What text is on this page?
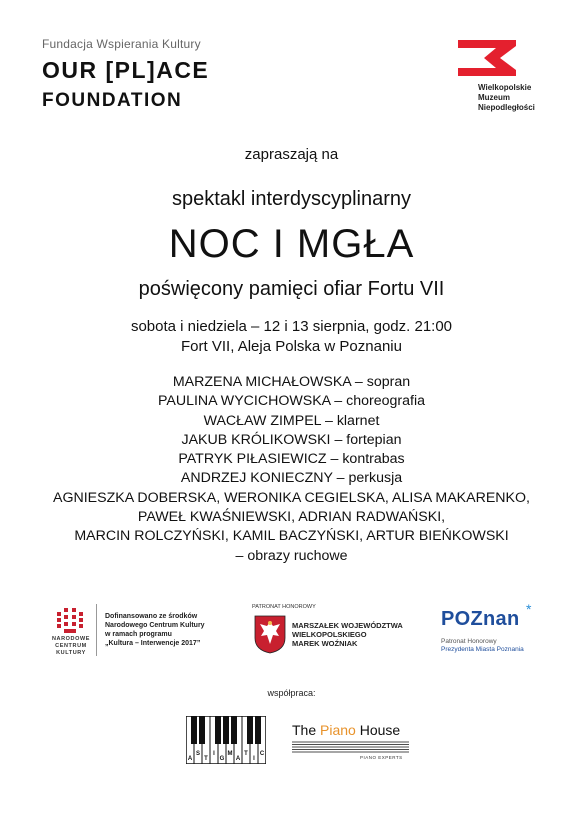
Fundacja Wspierania Kultury
OUR [PL]ACE
FOUNDATION
Wielkopolskie
Muzeum
Niepodległości
zapraszają na
spektakl interdyscyplinarny
NOC I MGŁA
poświęcony pamięci ofiar Fortu VII
sobota i niedziela – 12 i 13 sierpnia, godz. 21:00
Fort VII, Aleja Polska w Poznaniu
MARZENA MICHAŁOWSKA – sopran
PAULINA WYCICHOWSKA – choreografia
WACŁAW ZIMPEL – klarnet
JAKUB KRÓLIKOWSKI – fortepian
PATRYK PIŁASIEWICZ – kontrabas
ANDRZEJ KONIECZNY – perkusja
AGNIESZKA DOBERSKA, WERONIKA CEGIELSKA, ALISA MAKARENKO,
PAWEŁ KWAŚNIEWSKI, ADRIAN RADWAŃSKI,
MARCIN ROLCZYŃSKI, KAMIL BACZYŃSKI, ARTUR BIEŃKOWSKI
– obrazy ruchowe
NARODOWE
CENTRUM
KULTURY
Dofinansowano ze środków
Narodowego Centrum Kultury
w ramach programu
„Kultura – Interwencje 2017”
PATRONAT HONOROWY
MARSZAŁEK WOJEWÓDZTWA
WIELKOPOLSKIEGO
MAREK WOŹNIAK
POZnan *
Patronat Honorowy
Prezydenta Miasta Poznania
współpraca:
A
S
T
I
G
M
A
T
I
C
The Piano House
PIANO EXPERTS
